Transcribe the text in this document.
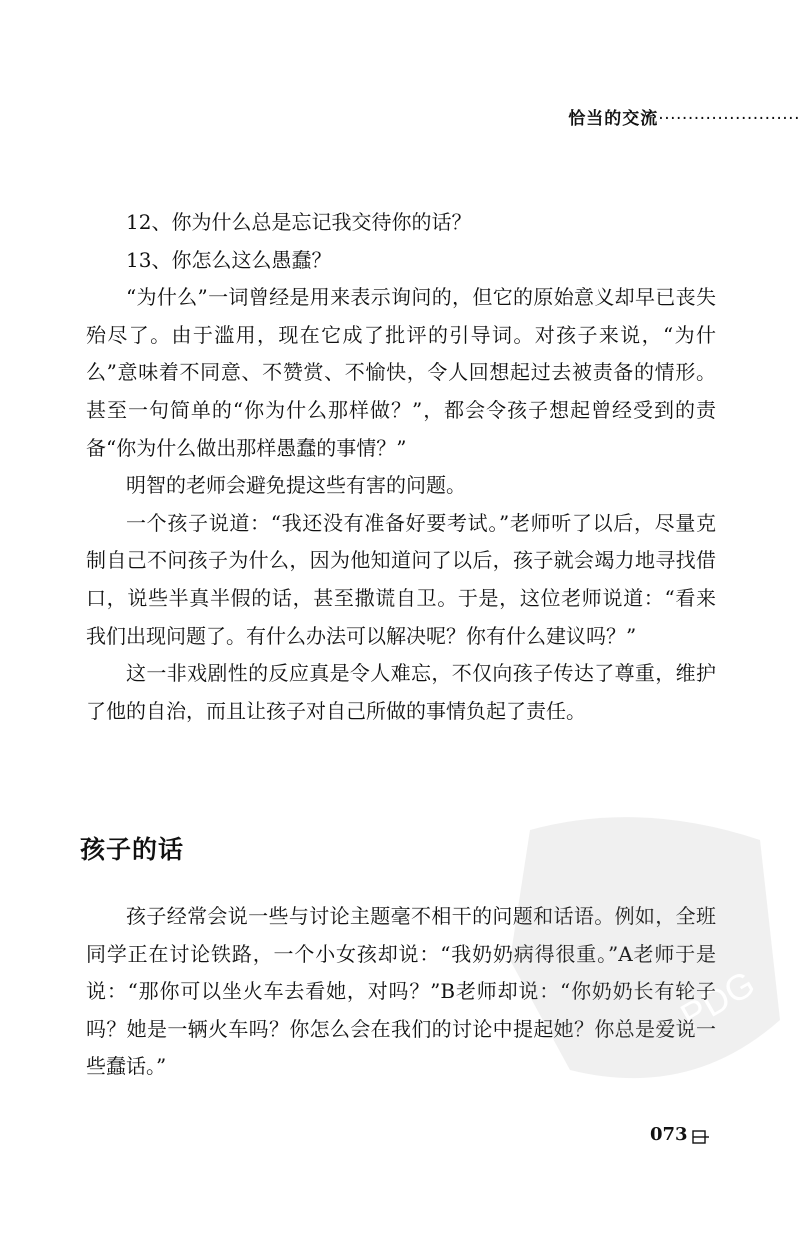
恰当的交流························

12、你为什么总是忘记我交待你的话？

13、你怎么这么愚蠢？

“为什么”一词曾经是用来表示询问的，但它的原始意义却早已丧失殆尽了。由于滥用，现在它成了批评的引导词。对孩子来说，“为什么”意味着不同意、不赞赏、不愉快，令人回想起过去被责备的情形。甚至一句简单的“你为什么那样做？”，都会令孩子想起曾经受到的责备“你为什么做出那样愚蠢的事情？”

明智的老师会避免提这些有害的问题。

一个孩子说道：“我还没有准备好要考试。”老师听了以后，尽量克制自己不问孩子为什么，因为他知道问了以后，孩子就会竭力地寻找借口，说些半真半假的话，甚至撒谎自卫。于是，这位老师说道：“看来我们出现问题了。有什么办法可以解决呢？你有什么建议吗？”

这一非戏剧性的反应真是令人难忘，不仅向孩子传达了尊重，维护了他的自治，而且让孩子对自己所做的事情负起了责任。

孩子的话

孩子经常会说一些与讨论主题毫不相干的问题和话语。例如，全班同学正在讨论铁路，一个小女孩却说：“我奶奶病得很重。”A老师于是说：“那你可以坐火车去看她，对吗？”B老师却说：“你奶奶长有轮子吗？她是一辆火车吗？你怎么会在我们的讨论中提起她？你总是爱说一些蠢话。”

PDG
073
